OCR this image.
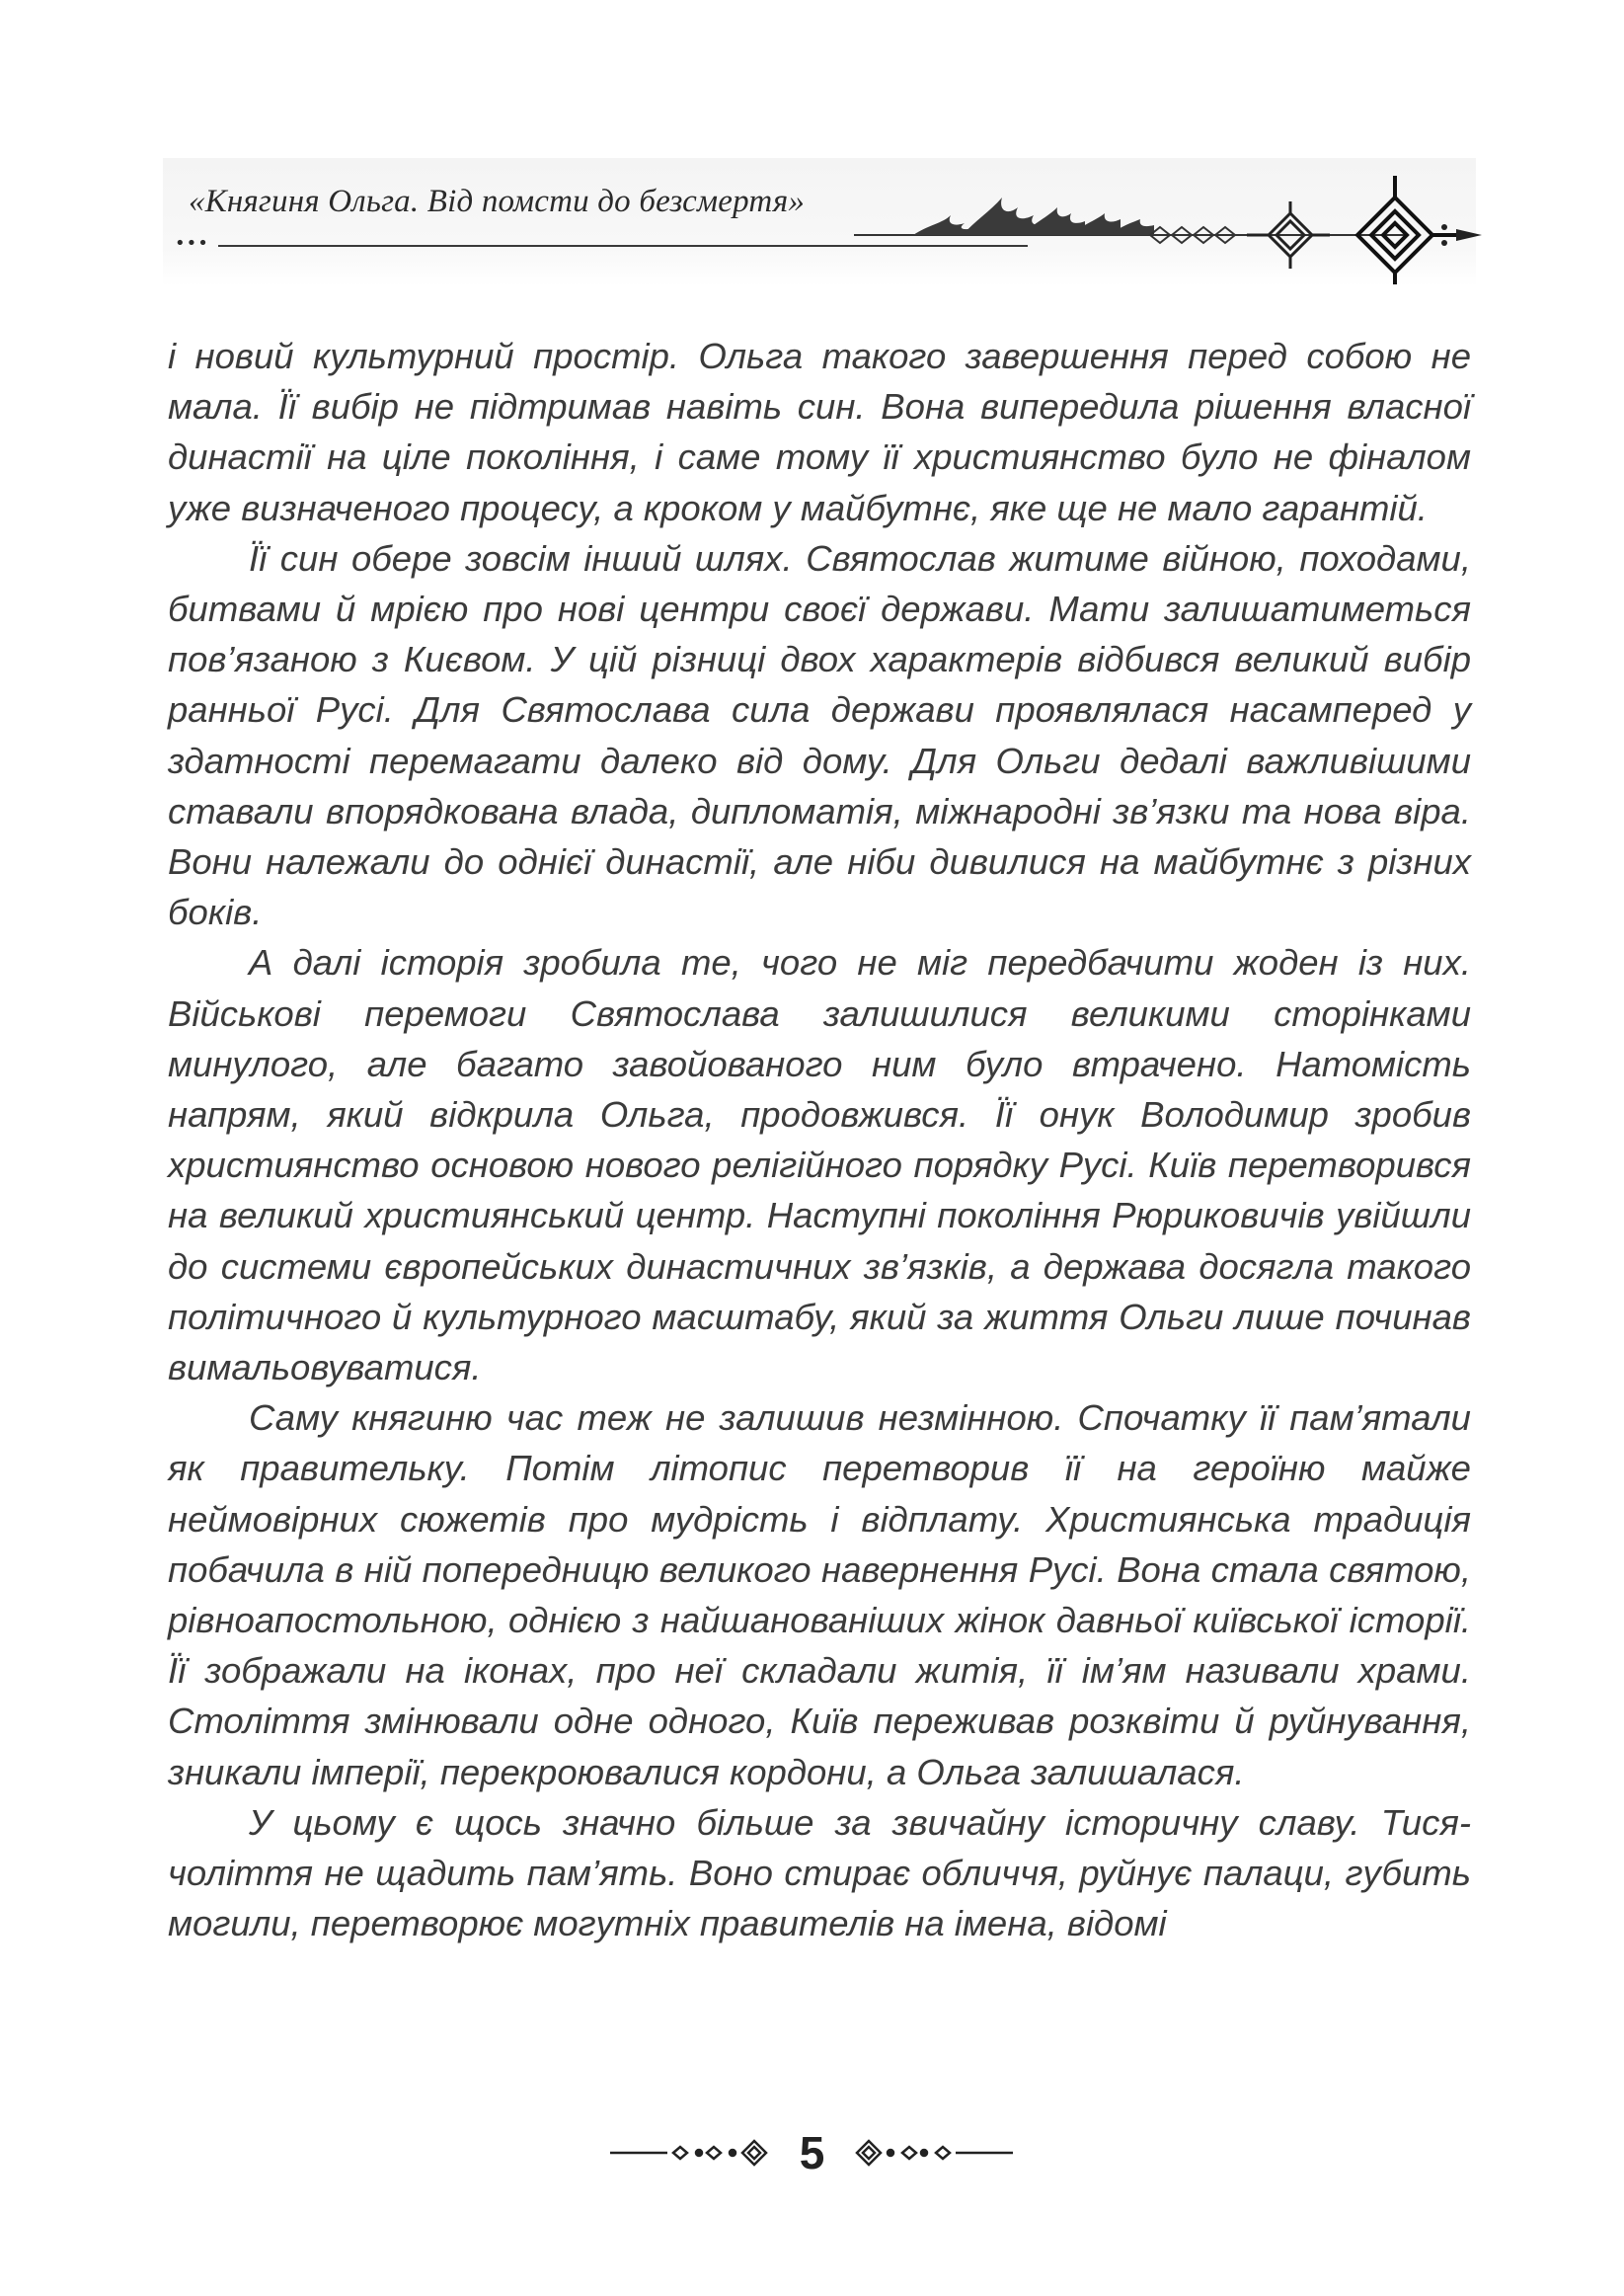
«Княгиня Ольга. Від помсти до безсмертя»
•••

і новий культурний простір. Ольга такого завершення перед собою не мала. Її вибір не підтримав навіть син. Вона випередила рішення власної династії на ціле покоління, і саме тому її християнство було не фіналом уже визначеного процесу, а кроком у майбутнє, яке ще не мало гарантій.

Її син обере зовсім інший шлях. Святослав житиме війною, походами, битвами й мрією про нові центри своєї держави. Мати залишатиметься пов’язаною з Києвом. У цій різниці двох характерів відбився великий вибір ранньої Русі. Для Святослава сила держави проявлялася насамперед у здатності перемагати далеко від дому. Для Ольги дедалі важливішими ставали впорядкована влада, дипломатія, міжнародні зв’язки та нова віра. Вони належали до однієї династії, але ніби дивилися на майбутнє з різних боків.

А далі історія зробила те, чого не міг передбачити жоден із них. Військові перемоги Святослава залишилися великими сторінками минулого, але багато завойованого ним було втрачено. Натомість напрям, який відкрила Ольга, продовжився. Її онук Володимир зробив християнство основою нового релігійного порядку Русі. Київ перетворився на великий християнський центр. Наступні покоління Рюриковичів увійшли до системи європейських династичних зв’язків, а держава досягла такого політичного й культурного масштабу, який за життя Ольги лише починав вимальовуватися.

Саму княгиню час теж не залишив незмінною. Спочатку її пам’ятали як правительку. Потім літопис перетворив її на героїню майже неймовірних сюжетів про мудрість і відплату. Християнська традиція побачила в ній попередницю великого навернення Русі. Вона стала святою, рівноапостольною, однією з найшанованіших жінок давньої київської історії. Її зображали на іконах, про неї складали житія, її ім’ям називали храми. Століття змінювали одне одного, Київ переживав розквіти й руйнування, зникали імперії, перекроювалися кордони, а Ольга залишалася.

У цьому є щось значно більше за звичайну історичну славу. Тисячоліття не щадить пам’ять. Воно стирає обличчя, руйнує палаци, губить могили, перетворює могутніх правителів на імена, відомі

5
